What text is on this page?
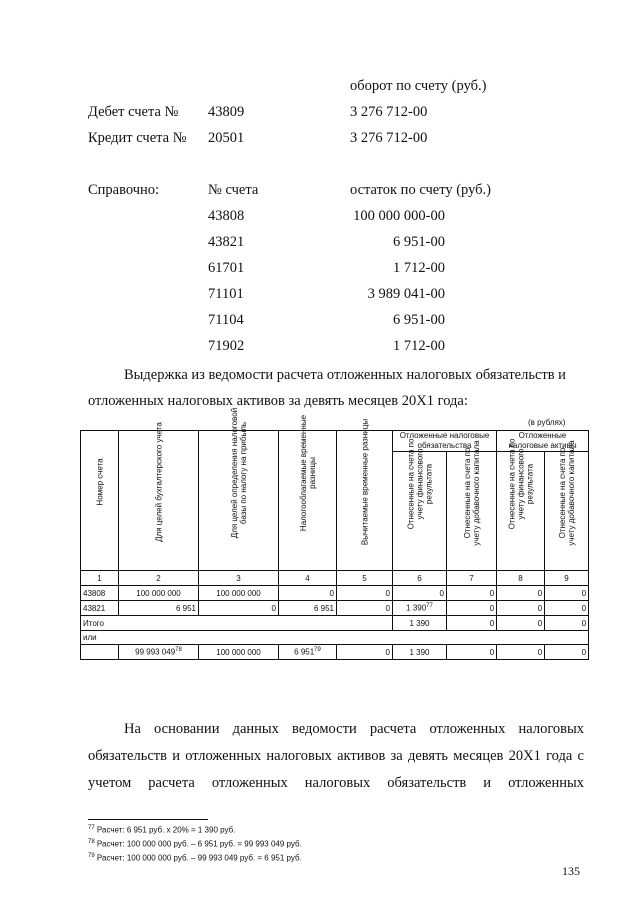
оборот по счету (руб.)
Дебет счета № 43809	3 276 712-00
Кредит счета № 20501	3 276 712-00
Справочно:	№ счета	остаток по счету (руб.)
43808	100 000 000-00
43821	6 951-00
61701	1 712-00
71101	3 989 041-00
71104	6 951-00
71902	1 712-00

Выдержка из ведомости расчета отложенных налоговых обязательств и

отложенных налоговых активов за девять месяцев 20Х1 года:

(в рублях)
Номер счета	Для целей бухгалтерского учета	Для целей определения налоговой базы по налогу на прибыль	Налогооблагаемые временные разницы	Вычитаемые временные разницы	Отложенные налоговые обязательства		Отложенные налоговые активы	

					Отнесенные на счета по учету финансового результата	Отнесенные на счета по учету добавочного капитала	Отнесенные на счета по учету финансового результата	Отнесенные на счета по учету добавочного капитала

1	2	3	4	5	6	7	8	9
43808	100 000 000	100 000 000	0	0	0	0	0	0
43821	6 951	0	6 951	0	1 $390^{77}$	0	0	0
Итого					1 390	0	0	0
или								
	99 993 $049^{78}$	100 000 000	6 $951^{79}$	0	1 390	0	0	0

На основании данных ведомости расчета отложенных налоговых

обязательств и отложенных налоговых активов за девять месяцев 20Х1 года с

учетом расчета отложенных налоговых обязательств и отложенных

$^{77}$ Расчет: 6 951 руб. х 20% = 1 390 руб.
$^{78}$ Расчет: 100 000 000 руб. – 6 951 руб. = 99 993 049 руб.
$^{79}$ Расчет: 100 000 000 руб. – 99 993 049 руб. = 6 951 руб.
135
